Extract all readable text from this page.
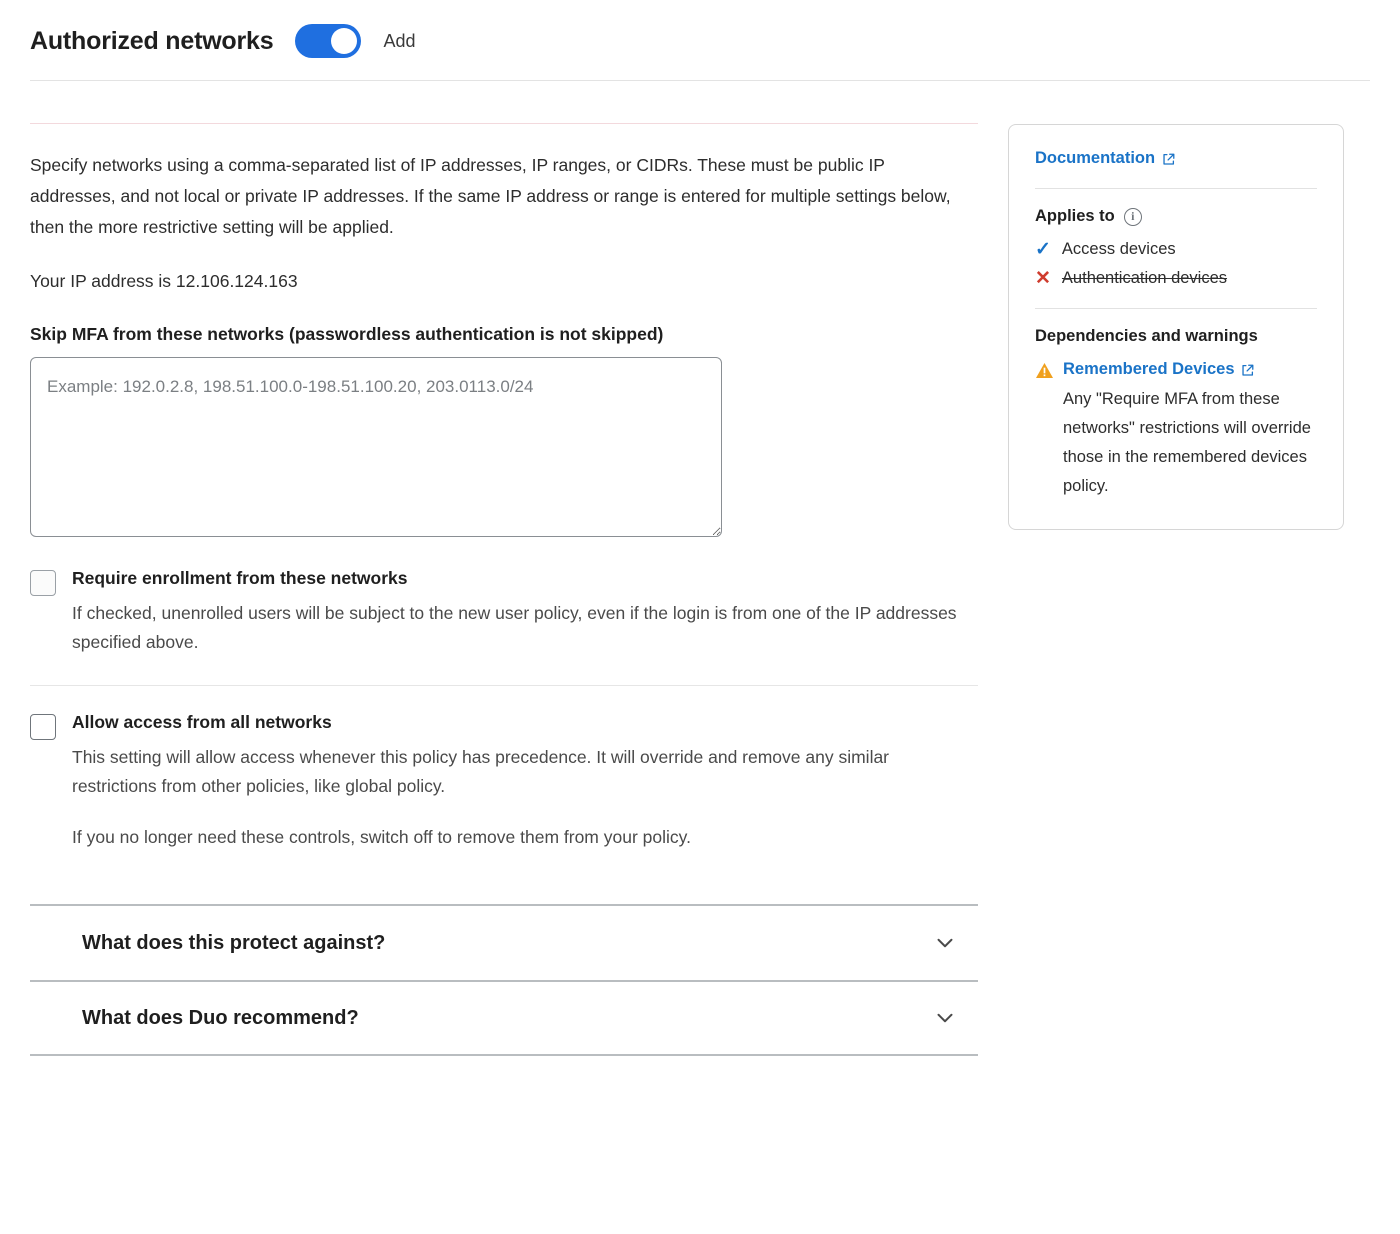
Authorized networks	Add
Specify networks using a comma-separated list of IP addresses, IP ranges, or CIDRs. These must be public IP addresses, and not local or private IP addresses. If the same IP address or range is entered for multiple settings below, then the more restrictive setting will be applied.
Your IP address is 12.106.124.163
Skip MFA from these networks (passwordless authentication is not skipped)
Example: 192.0.2.8, 198.51.100.0-198.51.100.20, 203.0113.0/24
Require enrollment from these networks
If checked, unenrolled users will be subject to the new user policy, even if the login is from one of the IP addresses specified above.
Allow access from all networks
This setting will allow access whenever this policy has precedence. It will override and remove any similar restrictions from other policies, like global policy.
If you no longer need these controls, switch off to remove them from your policy.
What does this protect against?
What does Duo recommend?
Documentation
Applies to	i
✓ Access devices
✕ Authentication devices
Dependencies and warnings
Remembered Devices
Any "Require MFA from these networks" restrictions will override those in the remembered devices policy.
